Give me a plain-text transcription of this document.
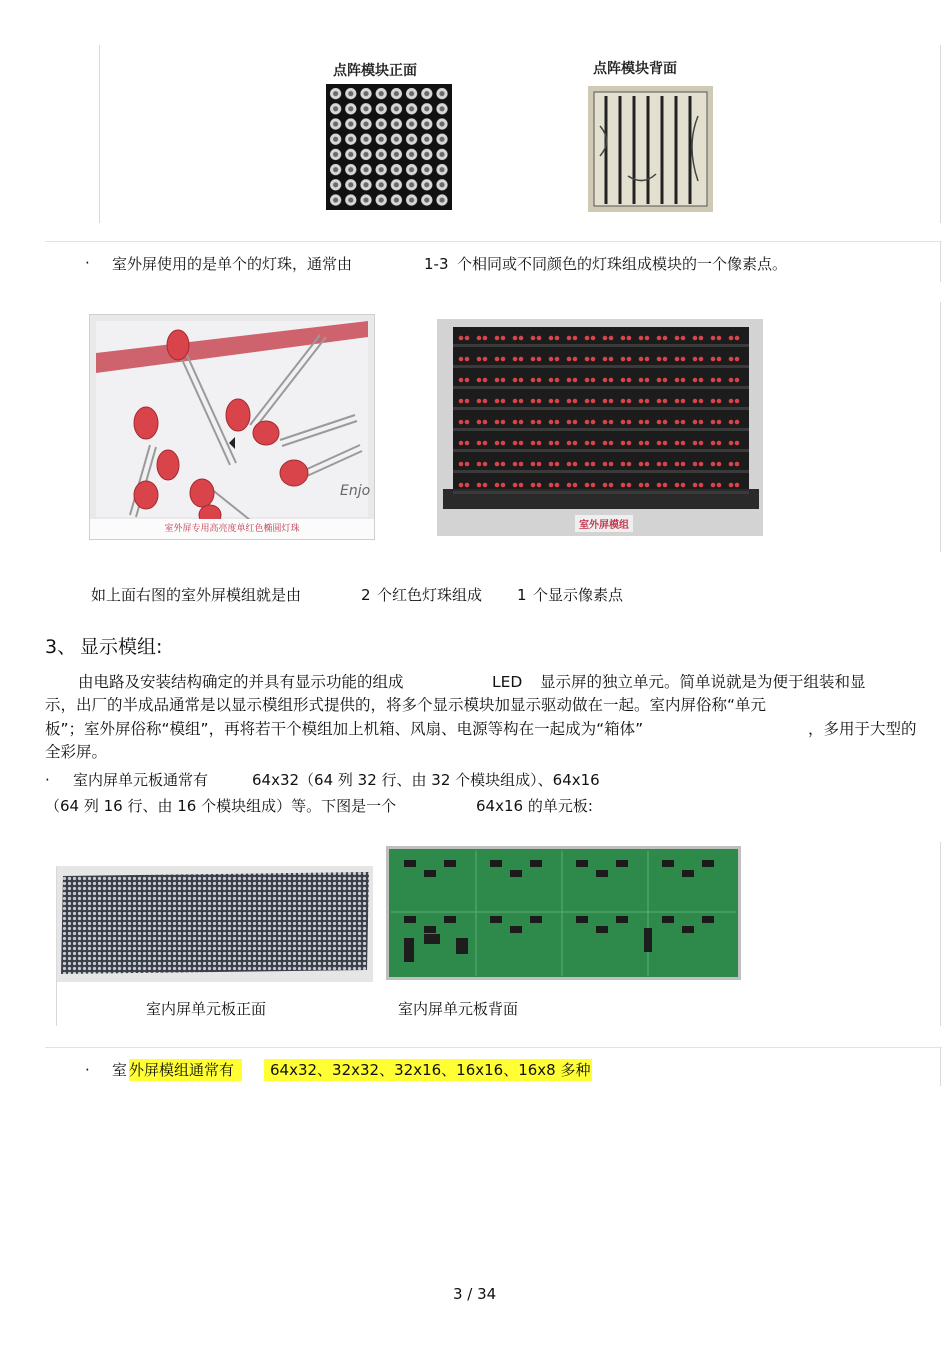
点阵模块正面	点阵模块背面
· 室外屏使用的是单个的灯珠，通常由	1-3 个相同或不同颜色的灯珠组成模块的一个像素点。
Enjo
室外屏专用高亮度单红色椭圆灯珠	室外屏模组
如上面右图的室外屏模组就是由	2 个红色灯珠组成 1 个显示像素点
3、 显示模组:
由电路及安装结构确定的并具有显示功能的组成	LED 显示屏的独立单元。简单说就是为便于组装和显
示，出厂的半成品通常是以显示模组形式提供的，将多个显示模块加显示驱动做在一起。室内屏俗称“单元
板”；室外屏俗称“模组”，再将若干个模组加上机箱、风扇、电源等构在一起成为“箱体”	，多用于大型的
全彩屏。
· 室内屏单元板通常有	64x32（64 列 32 行、由 32 个模块组成）、64x16
（64 列 16 行、由 16 个模块组成）等。下图是一个	64x16 的单元板:
室内屏单元板正面	室内屏单元板背面
· 室 外屏模组通常有	64x32、32x32、32x16、16x16、16x8 多种
3 / 34
